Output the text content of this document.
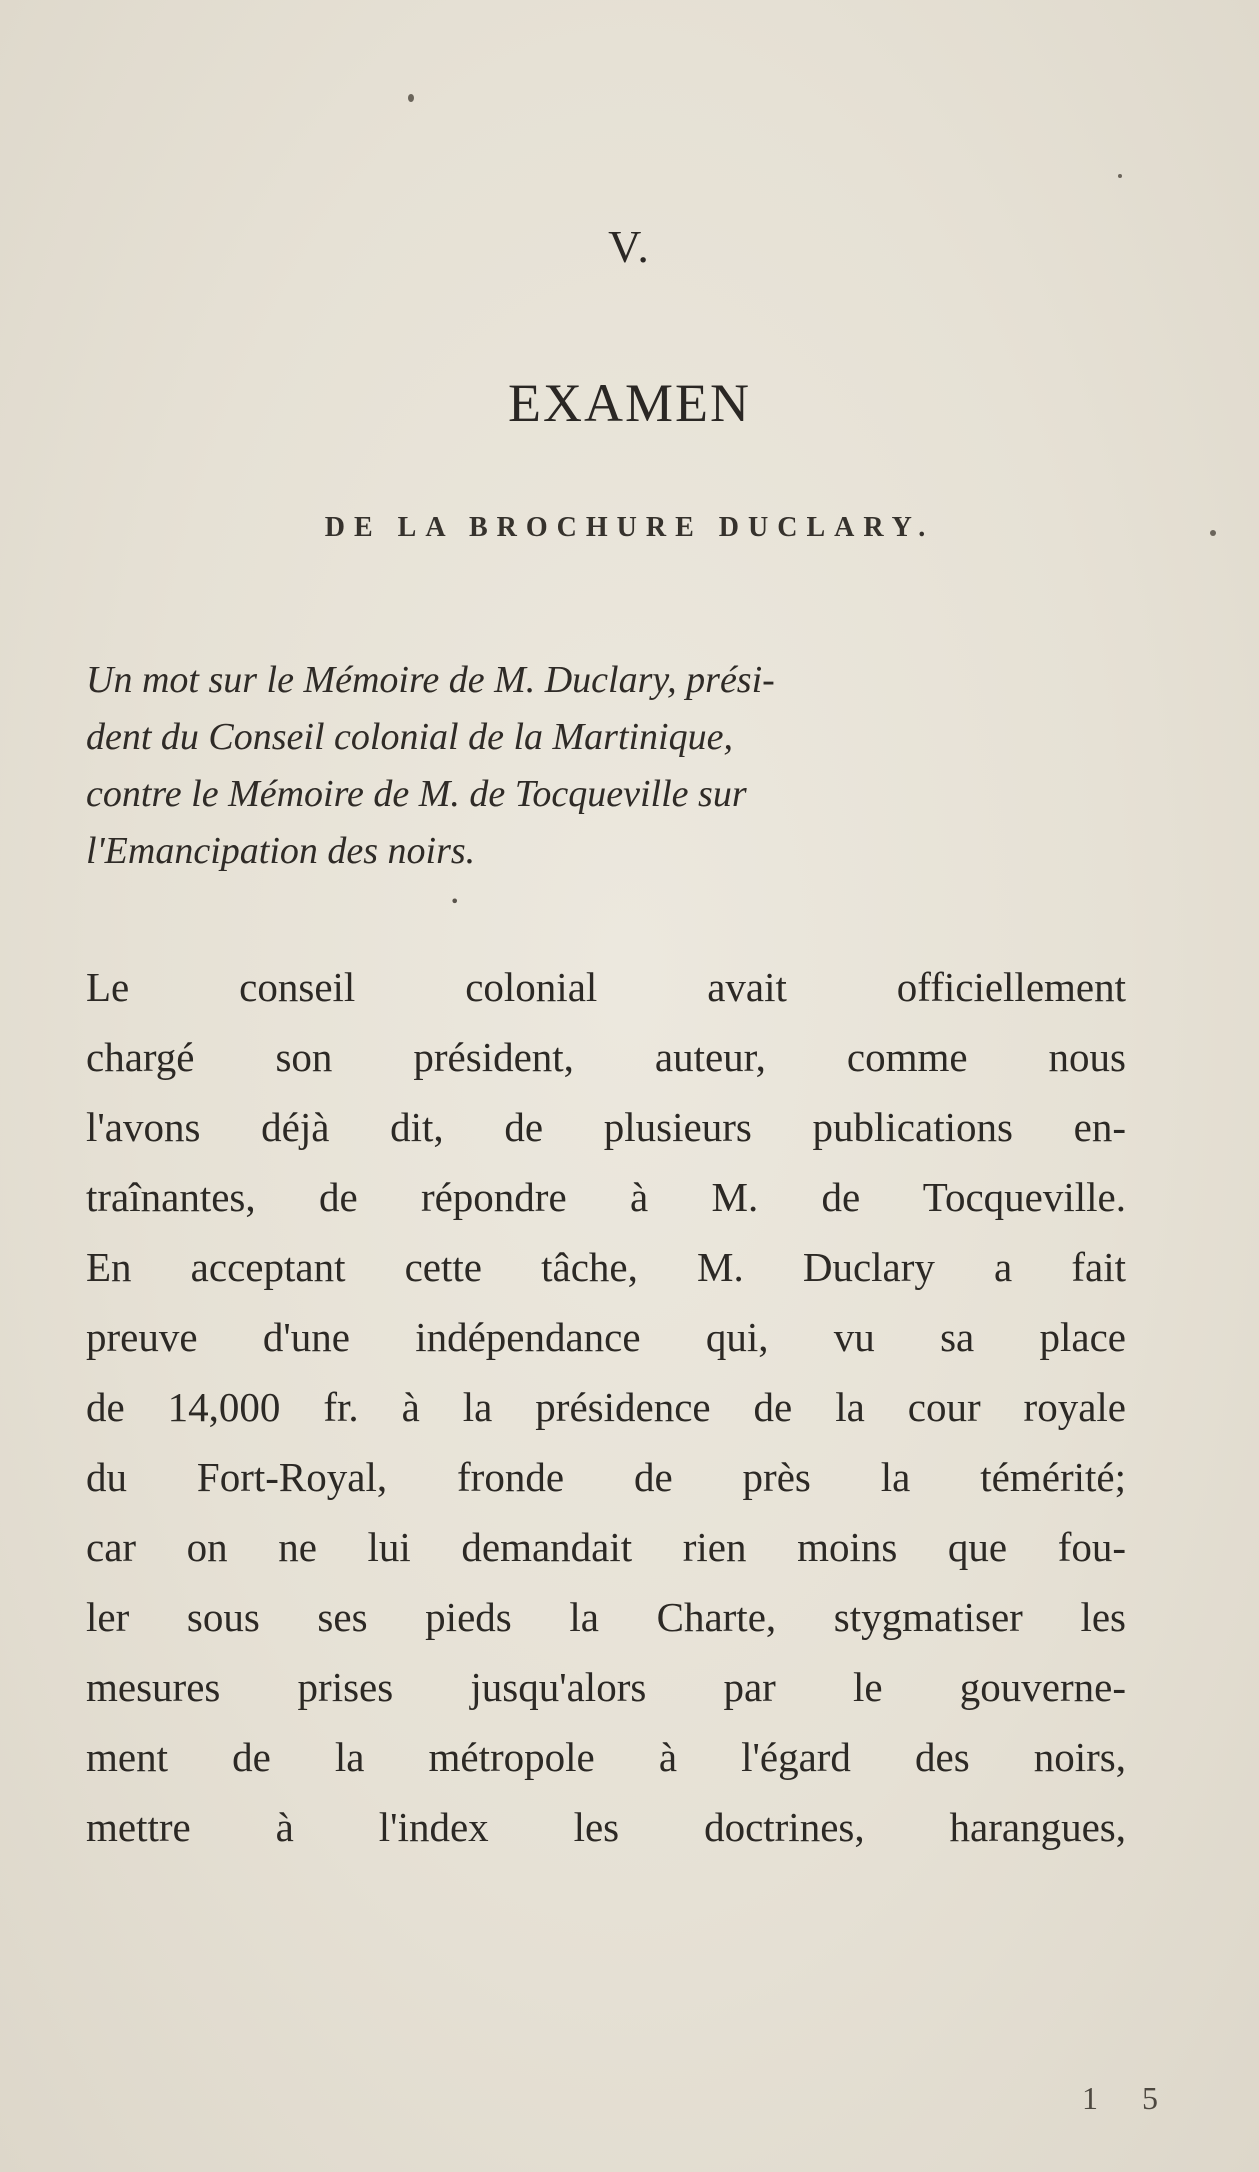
V.
EXAMEN
DE LA BROCHURE DUCLARY.
Un mot sur le Mémoire de M. Duclary, prési-
dent du Conseil colonial de la Martinique,
contre le Mémoire de M. de Tocqueville sur
l'Emancipation des noirs.
•
Le conseil colonial avait officiellement
chargé son président, auteur, comme nous
l'avons déjà dit, de plusieurs publications en-
traînantes, de répondre à M. de Tocqueville.
En acceptant cette tâche, M. Duclary a fait
preuve d'une indépendance qui, vu sa place
de 14,000 fr. à la présidence de la cour royale
du Fort-Royal, fronde de près la témérité;
car on ne lui demandait rien moins que fou-
ler sous ses pieds la Charte, stygmatiser les
mesures prises jusqu'alors par le gouverne-
ment de la métropole à l'égard des noirs,
mettre à l'index les doctrines, harangues,
1 5
